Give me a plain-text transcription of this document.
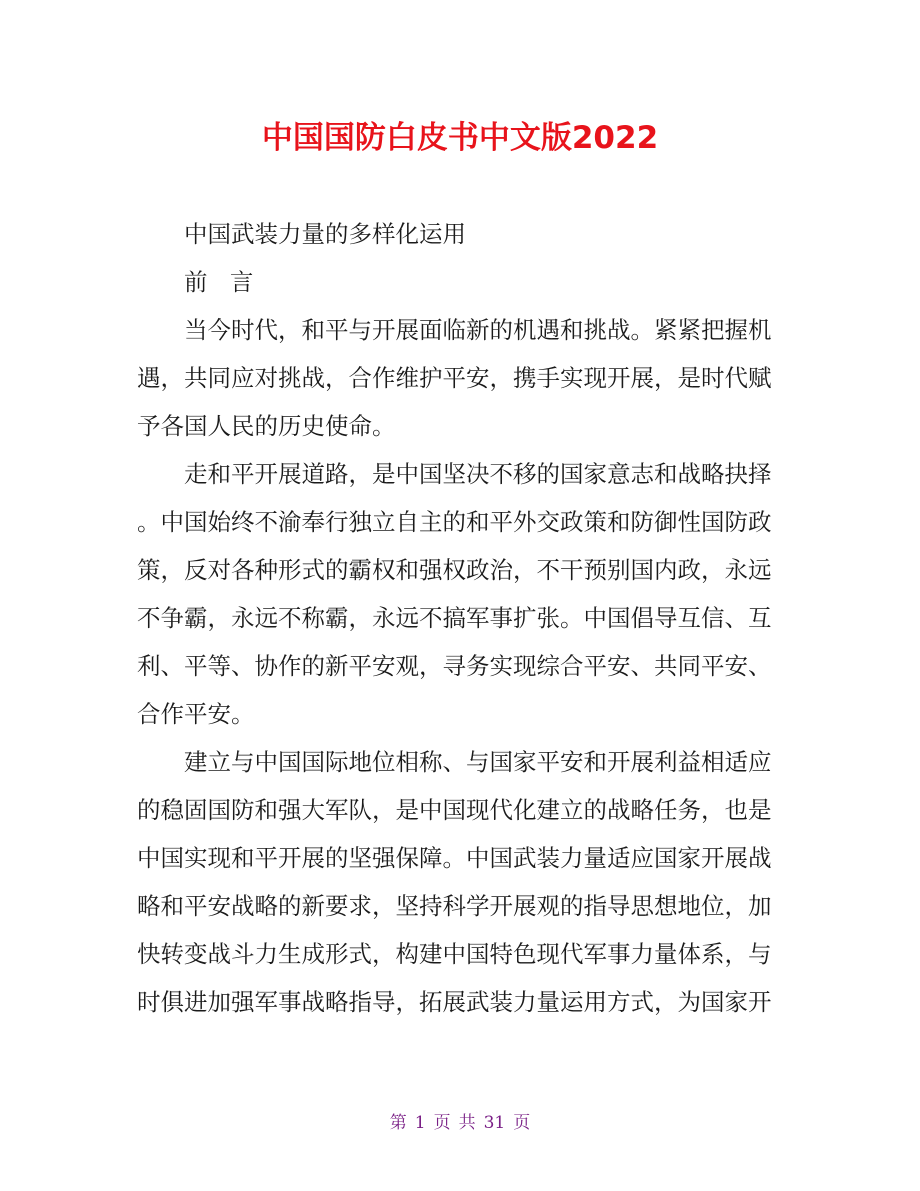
中国国防白皮书中文版2022
中国武装力量的多样化运用
前   言
当今时代，和平与开展面临新的机遇和挑战。紧紧把握机
遇，共同应对挑战，合作维护平安，携手实现开展，是时代赋
予各国人民的历史使命。
走和平开展道路，是中国坚决不移的国家意志和战略抉择
。中国始终不渝奉行独立自主的和平外交政策和防御性国防政
策，反对各种形式的霸权和强权政治，不干预别国内政，永远
不争霸，永远不称霸，永远不搞军事扩张。中国倡导互信、互
利、平等、协作的新平安观，寻务实现综合平安、共同平安、
合作平安。
建立与中国国际地位相称、与国家平安和开展利益相适应
的稳固国防和强大军队，是中国现代化建立的战略任务，也是
中国实现和平开展的坚强保障。中国武装力量适应国家开展战
略和平安战略的新要求，坚持科学开展观的指导思想地位，加
快转变战斗力生成形式，构建中国特色现代军事力量体系，与
时俱进加强军事战略指导，拓展武装力量运用方式，为国家开
第 1 页 共 31 页
